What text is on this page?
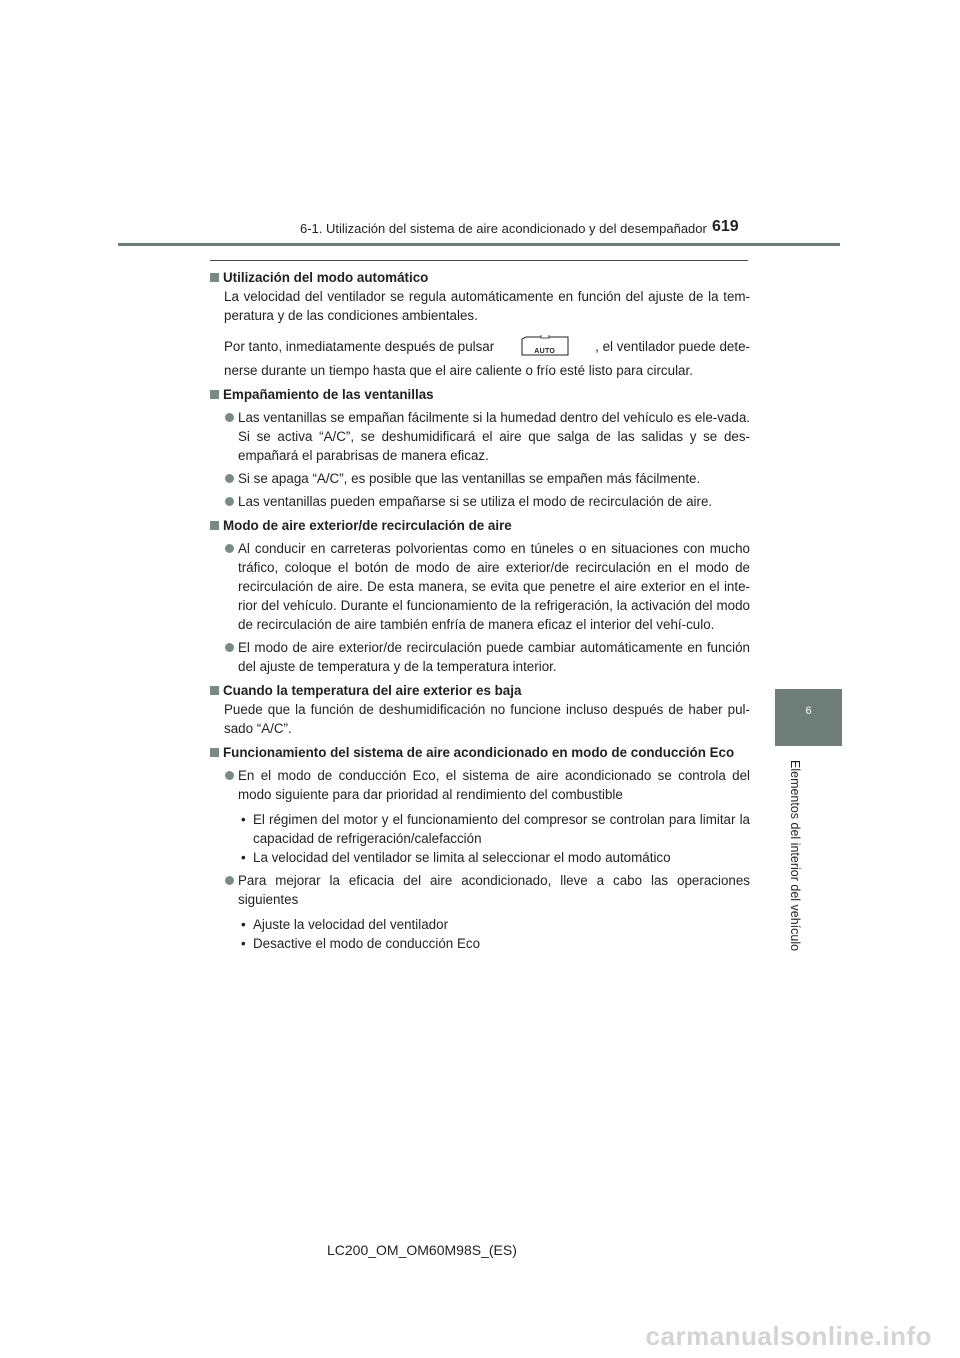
6-1. Utilización del sistema de aire acondicionado y del desempañador 619
6
Elementos del interior del vehículo
Utilización del modo automático
La velocidad del ventilador se regula automáticamente en función del ajuste de la tem-peratura y de las condiciones ambientales.
Por tanto, inmediatamente después de pulsar	AUTO	, el ventilador puede dete-
nerse durante un tiempo hasta que el aire caliente o frío esté listo para circular.
Empañamiento de las ventanillas
Las ventanillas se empañan fácilmente si la humedad dentro del vehículo es ele-vada. Si se activa “A/C”, se deshumidificará el aire que salga de las salidas y se des-empañará el parabrisas de manera eficaz.
Si se apaga “A/C”, es posible que las ventanillas se empañen más fácilmente.
Las ventanillas pueden empañarse si se utiliza el modo de recirculación de aire.
Modo de aire exterior/de recirculación de aire
Al conducir en carreteras polvorientas como en túneles o en situaciones con mucho tráfico, coloque el botón de modo de aire exterior/de recirculación en el modo de recirculación de aire. De esta manera, se evita que penetre el aire exterior en el inte-rior del vehículo. Durante el funcionamiento de la refrigeración, la activación del modo de recirculación de aire también enfría de manera eficaz el interior del vehí-culo.
El modo de aire exterior/de recirculación puede cambiar automáticamente en función del ajuste de temperatura y de la temperatura interior.
Cuando la temperatura del aire exterior es baja
Puede que la función de deshumidificación no funcione incluso después de haber pul-sado “A/C”.
Funcionamiento del sistema de aire acondicionado en modo de conducción Eco
En el modo de conducción Eco, el sistema de aire acondicionado se controla del modo siguiente para dar prioridad al rendimiento del combustible
• El régimen del motor y el funcionamiento del compresor se controlan para limitar la capacidad de refrigeración/calefacción
• La velocidad del ventilador se limita al seleccionar el modo automático
Para mejorar la eficacia del aire acondicionado, lleve a cabo las operaciones siguientes
• Ajuste la velocidad del ventilador
• Desactive el modo de conducción Eco
LC200_OM_OM60M98S_(ES)
carmanualsonline.info
